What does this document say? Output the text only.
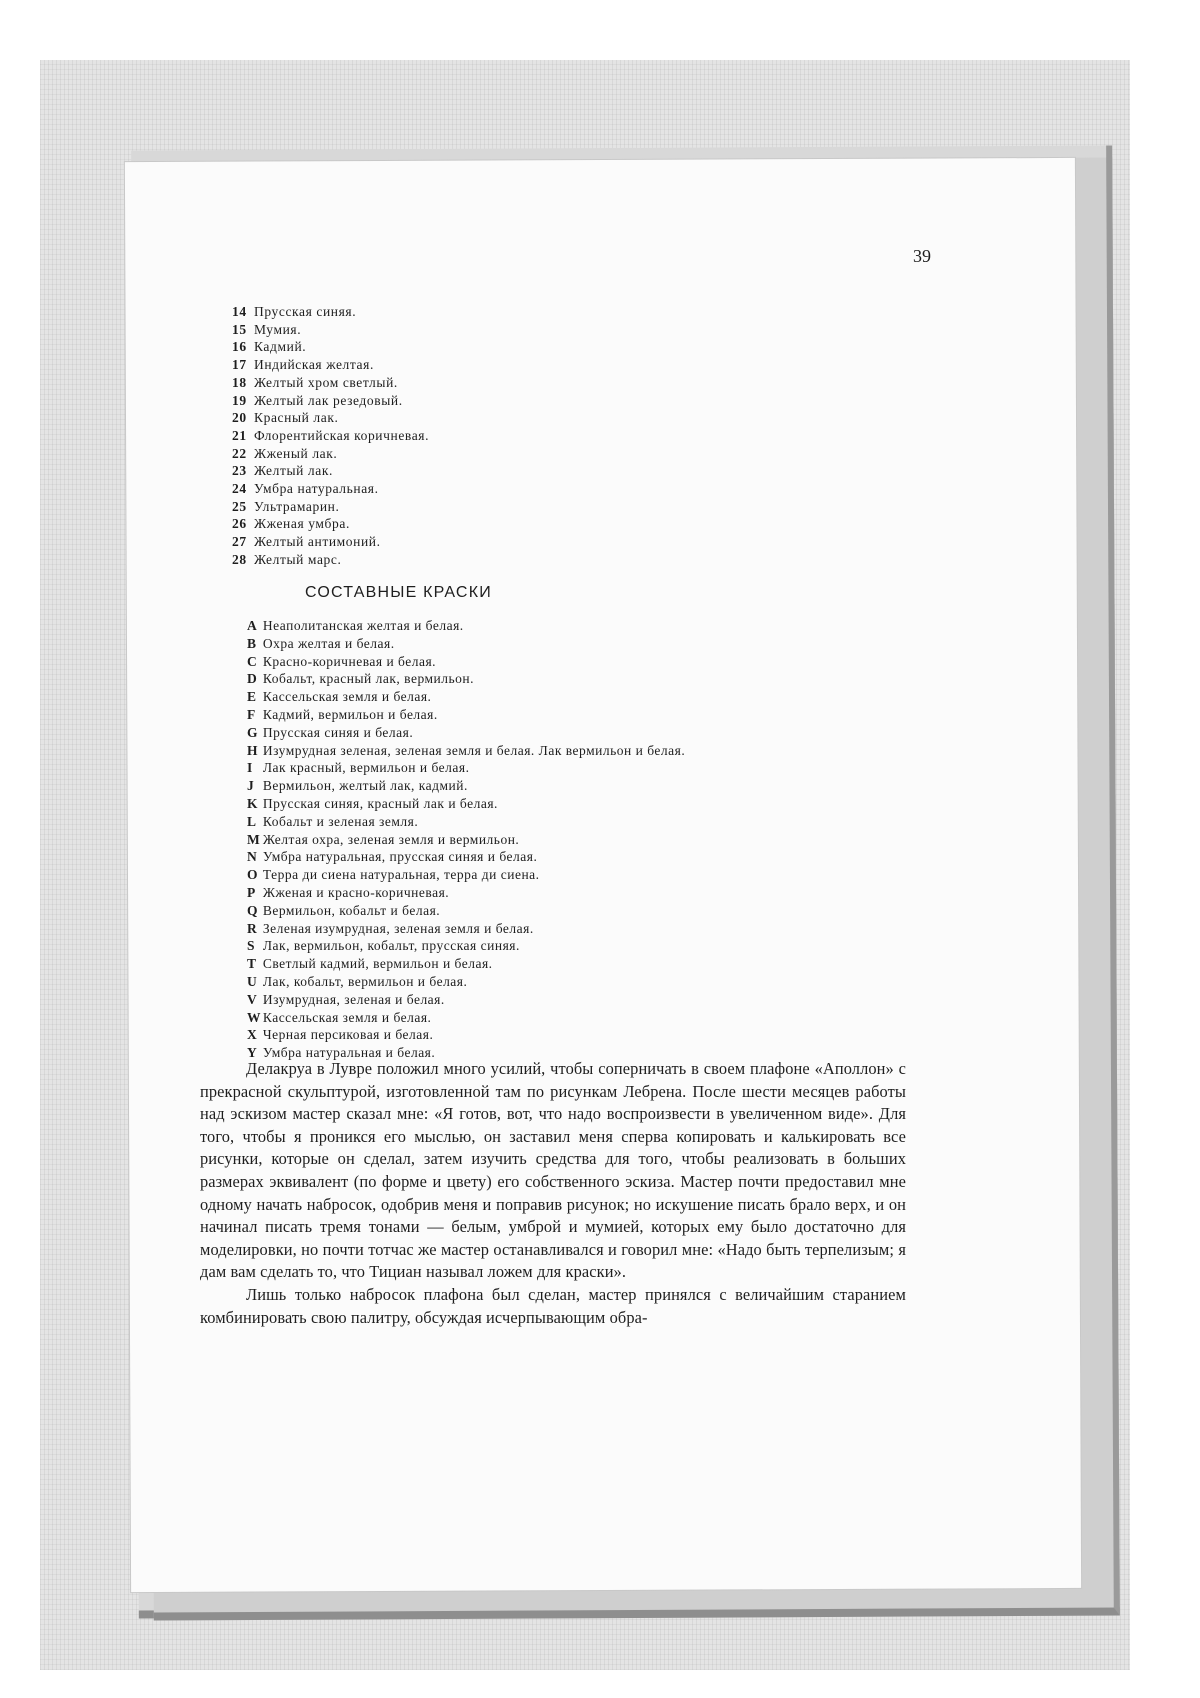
39
14 Прусская синяя.
15 Мумия.
16 Кадмий.
17 Индийская желтая.
18 Желтый хром светлый.
19 Желтый лак резедовый.
20 Красный лак.
21 Флорентийская коричневая.
22 Жженый лак.
23 Желтый лак.
24 Умбра натуральная.
25 Ультрамарин.
26 Жженая умбра.
27 Желтый антимоний.
28 Желтый марс.
СОСТАВНЫЕ КРАСКИ
A Неаполитанская желтая и белая.
B Охра желтая и белая.
C Красно-коричневая и белая.
D Кобальт, красный лак, вермильон.
E Кассельская земля и белая.
F Кадмий, вермильон и белая.
G Прусская синяя и белая.
H Изумрудная зеленая, зеленая земля и белая. Лак вермильон и белая.
I Лак красный, вермильон и белая.
J Вермильон, желтый лак, кадмий.
K Прусская синяя, красный лак и белая.
L Кобальт и зеленая земля.
M Желтая охра, зеленая земля и вермильон.
N Умбра натуральная, прусская синяя и белая.
O Терра ди сиена натуральная, терра ди сиена.
P Жженая и красно-коричневая.
Q Вермильон, кобальт и белая.
R Зеленая изумрудная, зеленая земля и белая.
S Лак, вермильон, кобальт, прусская синяя.
T Светлый кадмий, вермильон и белая.
U Лак, кобальт, вермильон и белая.
V Изумрудная, зеленая и белая.
W Кассельская земля и белая.
X Черная персиковая и белая.
Y Умбра натуральная и белая.

Делакруа в Лувре положил много усилий, чтобы соперничать в своем плафоне «Аполлон» с прекрасной скульптурой, изготовленной там по рисункам Лебрена. После шести месяцев работы над эскизом мастер сказал мне: «Я готов, вот, что надо воспроизвести в увеличенном виде». Для того, чтобы я проникся его мыслью, он заставил меня сперва копировать и калькировать все рисунки, которые он сделал, затем изучить средства для того, чтобы реализовать в больших размерах эквивалент (по форме и цвету) его собственного эскиза. Мастер почти предоставил мне одному начать набросок, одобрив меня и поправив рисунок; но искушение писать брало верх, и он начинал писать тремя тонами — белым, умброй и мумией, которых ему было достаточно для моделировки, но почти тотчас же мастер останавливался и говорил мне: «Надо быть терпелизым; я дам вам сделать то, что Тициан называл ложем для краски».

Лишь только набросок плафона был сделан, мастер принялся с величайшим старанием комбинировать свою палитру, обсуждая исчерпывающим обра-
